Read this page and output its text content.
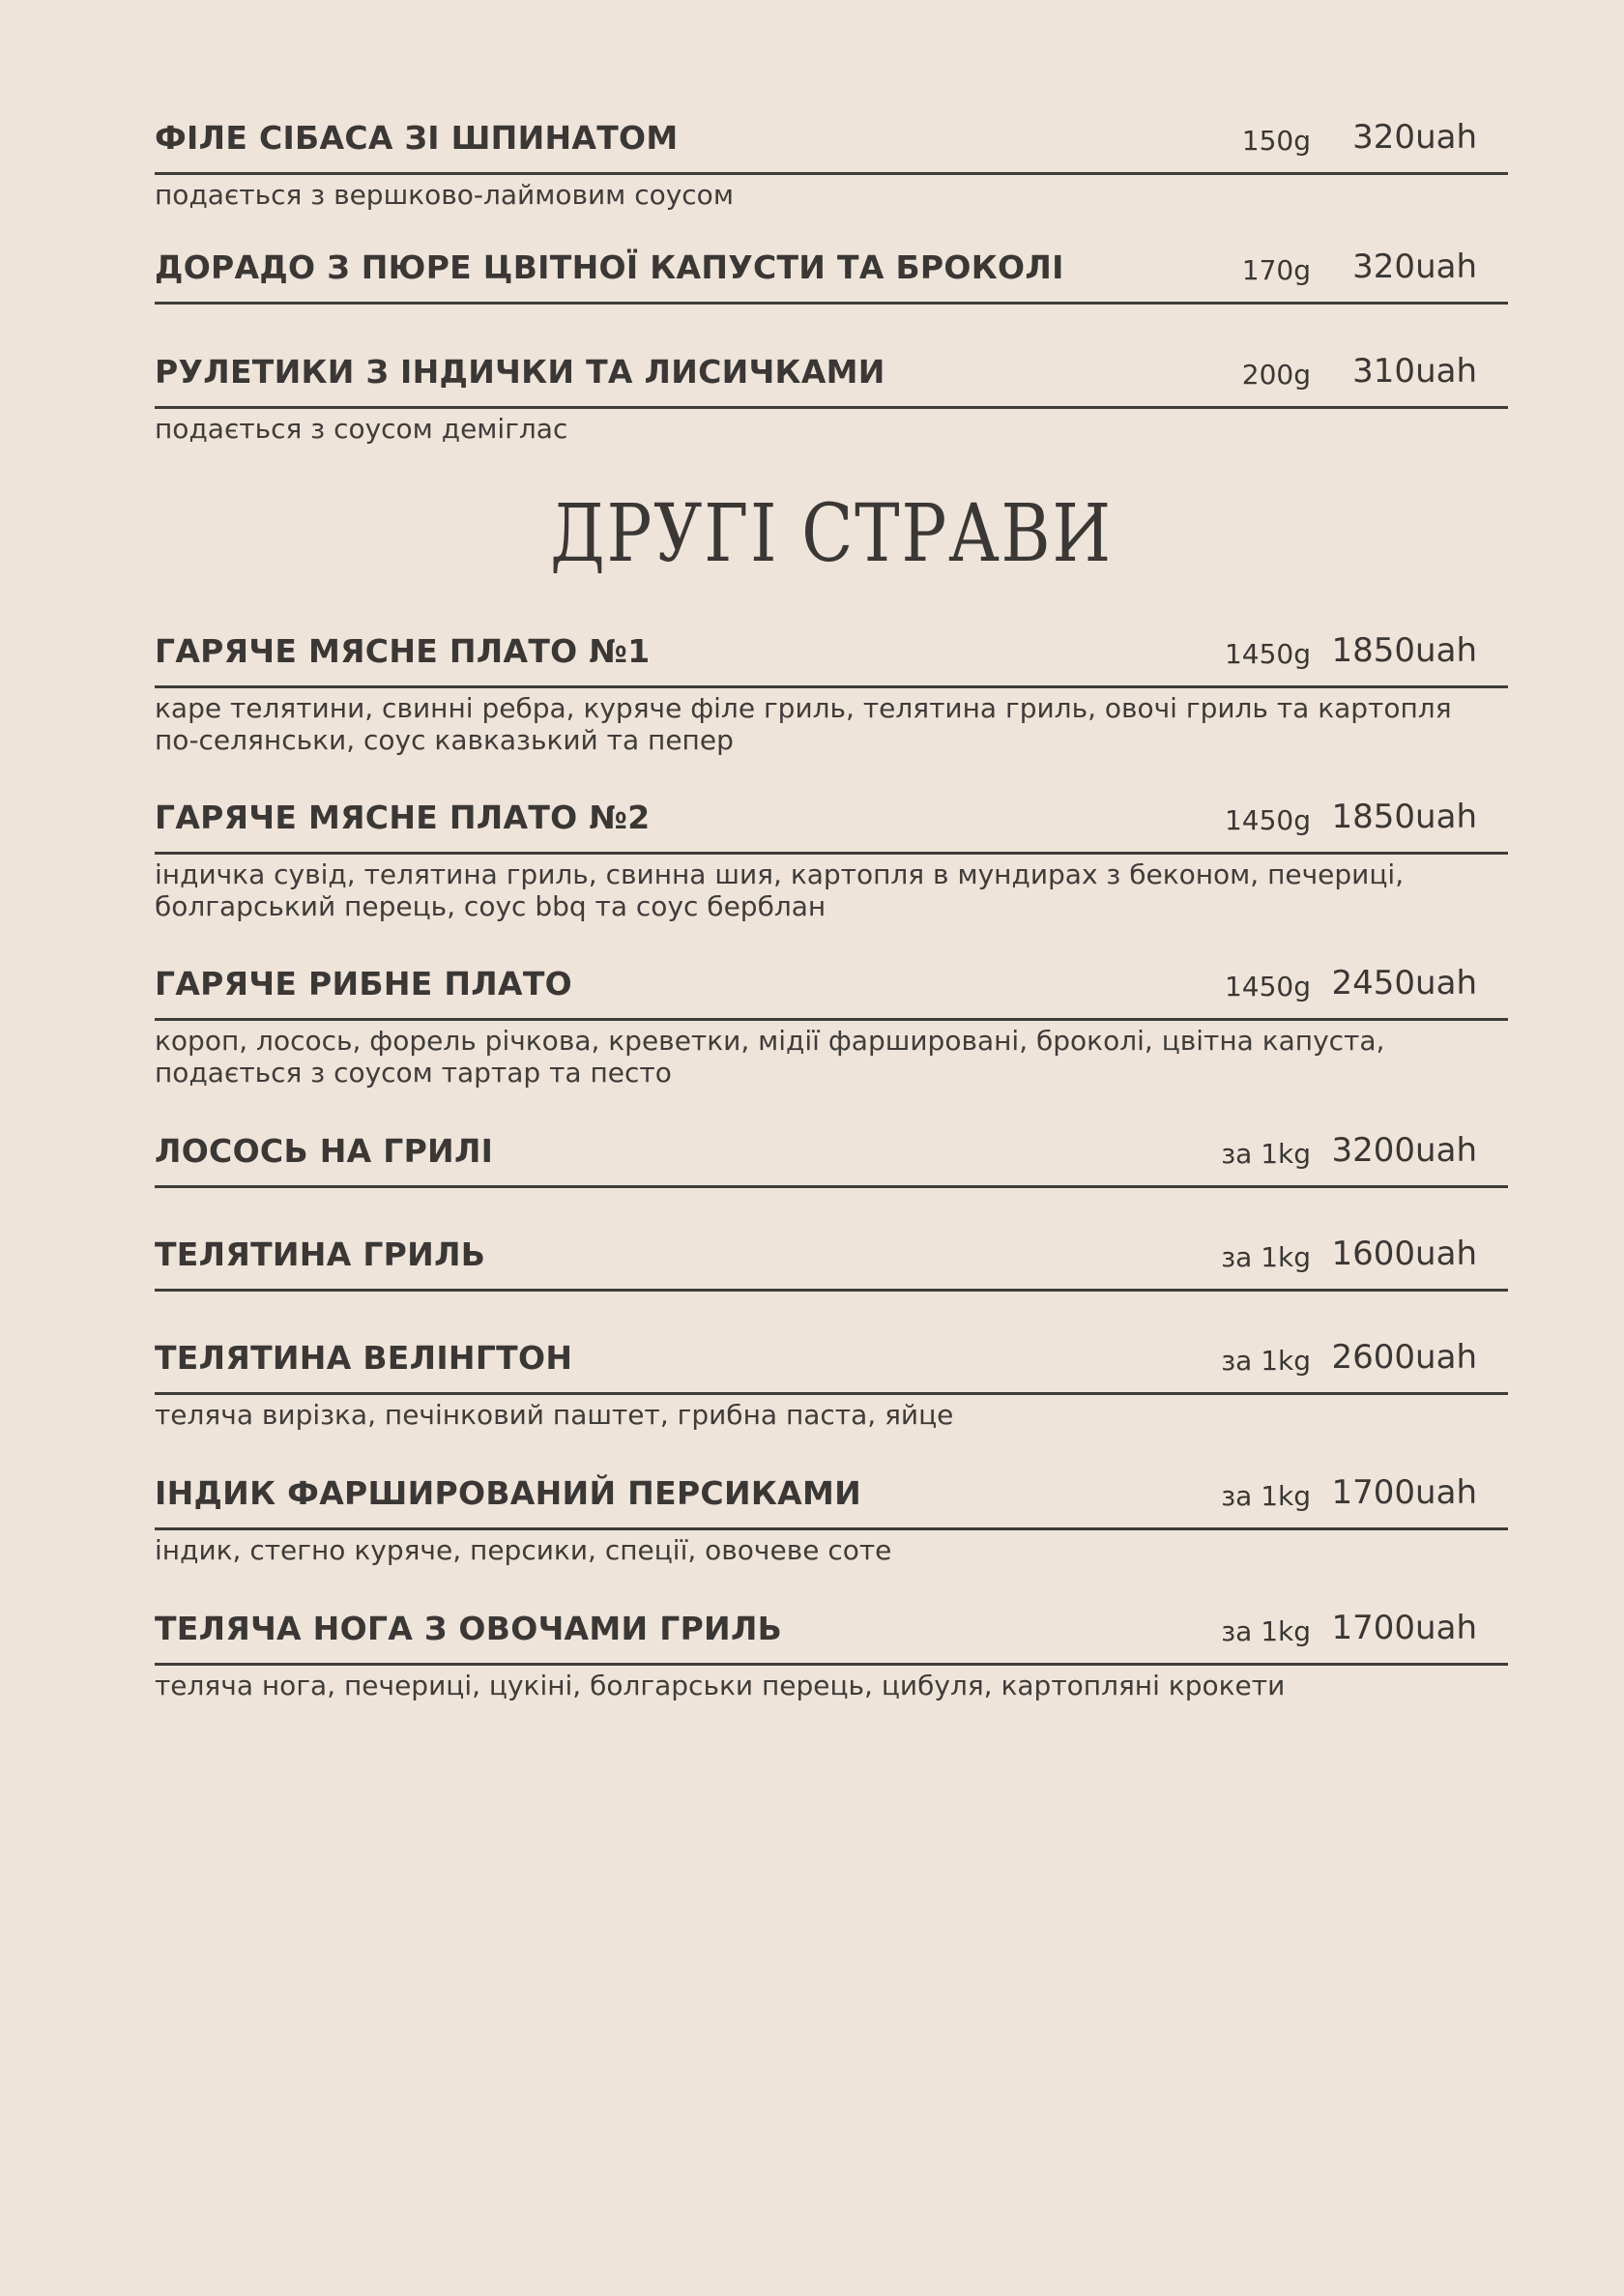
ФІЛЕ СІБАСА ЗІ ШПИНАТОМ	150g 320uah
подається з вершково-лаймовим соусом
ДОРАДО З ПЮРЕ ЦВІТНОЇ КАПУСТИ ТА БРОКОЛІ	170g 320uah
РУЛЕТИКИ З ІНДИЧКИ ТА ЛИСИЧКАМИ	200g 310uah
подається з соусом деміглас
ДРУГІ СТРАВИ
ГАРЯЧЕ МЯСНЕ ПЛАТО №1	1450g 1850uah
каре телятини, свинні ребра, куряче філе гриль, телятина гриль, овочі гриль та картопля
по-селянськи, соус кавказький та пепер
ГАРЯЧЕ МЯСНЕ ПЛАТО №2	1450g 1850uah
індичка сувід, телятина гриль, свинна шия, картопля в мундирах з беконом, печериці,
болгарський перець, соус bbq та соус берблан
ГАРЯЧЕ РИБНЕ ПЛАТО	1450g 2450uah
короп, лосось, форель річкова, креветки, мідії фаршировані, броколі, цвітна капуста,
подається з соусом тартар та песто
ЛОСОСЬ НА ГРИЛІ	за 1kg 3200uah
ТЕЛЯТИНА ГРИЛЬ	за 1kg 1600uah
ТЕЛЯТИНА ВЕЛІНГТОН	за 1kg 2600uah
теляча вирізка, печінковий паштет, грибна паста, яйце
ІНДИК ФАРШИРОВАНИЙ ПЕРСИКАМИ	за 1kg 1700uah
індик, стегно куряче, персики, спеції, овочеве соте
ТЕЛЯЧА НОГА З ОВОЧАМИ ГРИЛЬ	за 1kg 1700uah
теляча нога, печериці, цукіні, болгарськи перець, цибуля, картопляні крокети
